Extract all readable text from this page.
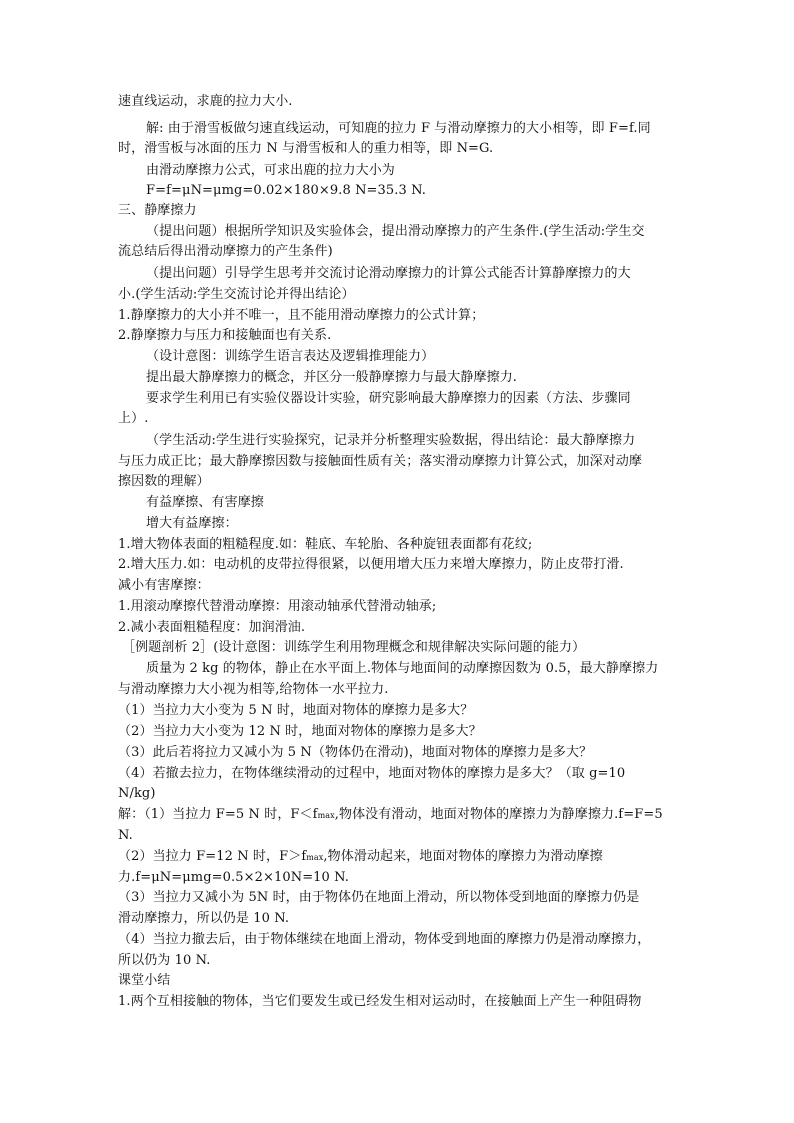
速直线运动，求鹿的拉力大小.
解: 由于滑雪板做匀速直线运动，可知鹿的拉力 F 与滑动摩擦力的大小相等，即 F=f.同
时，滑雪板与冰面的压力 N 与滑雪板和人的重力相等，即 N=G.
由滑动摩擦力公式，可求出鹿的拉力大小为
F=f=μN=μmg=0.02×180×9.8 N=35.3 N.
三、静摩擦力
（提出问题）根据所学知识及实验体会，提出滑动摩擦力的产生条件.(学生活动:学生交
流总结后得出滑动摩擦力的产生条件)
（提出问题）引导学生思考并交流讨论滑动摩擦力的计算公式能否计算静摩擦力的大
小.(学生活动:学生交流讨论并得出结论）
1.静摩擦力的大小并不唯一，且不能用滑动摩擦力的公式计算；
2.静摩擦力与压力和接触面也有关系.
（设计意图：训练学生语言表达及逻辑推理能力）
提出最大静摩擦力的概念，并区分一般静摩擦力与最大静摩擦力.
要求学生利用已有实验仪器设计实验，研究影响最大静摩擦力的因素（方法、步骤同
上）.
（学生活动:学生进行实验探究，记录并分析整理实验数据，得出结论：最大静摩擦力
与压力成正比；最大静摩擦因数与接触面性质有关；落实滑动摩擦力计算公式，加深对动摩
擦因数的理解）
有益摩擦、有害摩擦
增大有益摩擦：
1.增大物体表面的粗糙程度.如：鞋底、车轮胎、各种旋钮表面都有花纹;
2.增大压力.如：电动机的皮带拉得很紧，以便用增大压力来增大摩擦力，防止皮带打滑.
减小有害摩擦：
1.用滚动摩擦代替滑动摩擦：用滚动轴承代替滑动轴承;
2.减小表面粗糙程度：加润滑油.
［例题剖析 2］(设计意图：训练学生利用物理概念和规律解决实际问题的能力）
质量为 2 kg 的物体，静止在水平面上.物体与地面间的动摩擦因数为 0.5，最大静摩擦力
与滑动摩擦力大小视为相等,给物体一水平拉力.
（1）当拉力大小变为 5 N 时，地面对物体的摩擦力是多大？
（2）当拉力大小变为 12 N 时，地面对物体的摩擦力是多大？
（3）此后若将拉力又减小为 5 N（物体仍在滑动)，地面对物体的摩擦力是多大？
（4）若撤去拉力，在物体继续滑动的过程中，地面对物体的摩擦力是多大？（取 g=10
N/kg)
解：（1）当拉力 F=5 N 时，F＜fmax,物体没有滑动，地面对物体的摩擦力为静摩擦力.f=F=5
N.
（2）当拉力 F=12 N 时，F＞fmax,物体滑动起来，地面对物体的摩擦力为滑动摩擦
力.f=μN=μmg=0.5×2×10N=10 N.
（3）当拉力又减小为 5N 时，由于物体仍在地面上滑动，所以物体受到地面的摩擦力仍是
滑动摩擦力，所以仍是 10 N.
（4）当拉力撤去后，由于物体继续在地面上滑动，物体受到地面的摩擦力仍是滑动摩擦力，
所以仍为 10 N.
课堂小结
1.两个互相接触的物体，当它们要发生或已经发生相对运动时，在接触面上产生一种阻碍物
